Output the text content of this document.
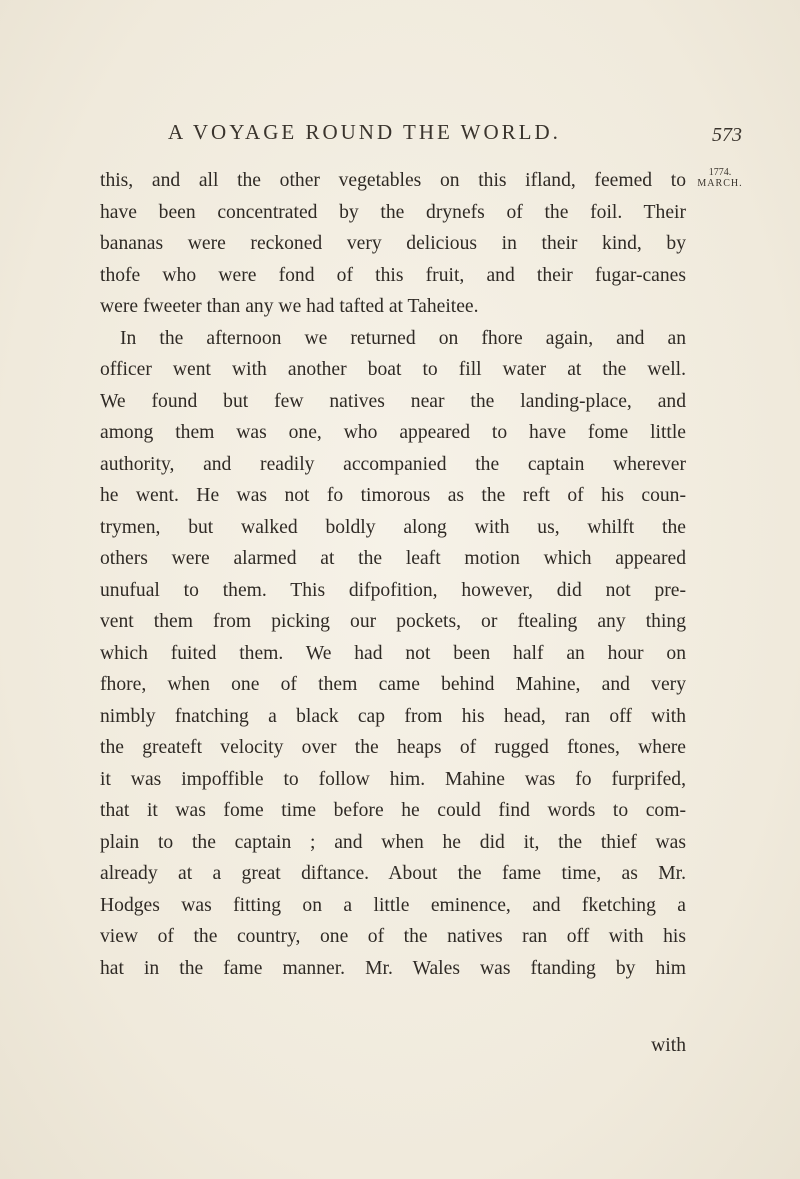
A VOYAGE ROUND THE WORLD.	573
1774.
MARCH.
this, and all the other vegetables on this ifland, feemed to
have been concentrated by the drynefs of the foil. Their
bananas were reckoned very delicious in their kind, by
thofe who were fond of this fruit, and their fugar-canes
were fweeter than any we had tafted at Taheitee.
In the afternoon we returned on fhore again, and an
officer went with another boat to fill water at the well.
We found but few natives near the landing-place, and
among them was one, who appeared to have fome little
authority, and readily accompanied the captain wherever
he went. He was not fo timorous as the reft of his coun-
trymen, but walked boldly along with us, whilft the
others were alarmed at the leaft motion which appeared
unufual to them. This difpofition, however, did not pre-
vent them from picking our pockets, or ftealing any thing
which fuited them. We had not been half an hour on
fhore, when one of them came behind Mahine, and very
nimbly fnatching a black cap from his head, ran off with
the greateft velocity over the heaps of rugged ftones, where
it was impoffible to follow him. Mahine was fo furprifed,
that it was fome time before he could find words to com-
plain to the captain ; and when he did it, the thief was
already at a great diftance. About the fame time, as Mr.
Hodges was fitting on a little eminence, and fketching a
view of the country, one of the natives ran off with his
hat in the fame manner. Mr. Wales was ftanding by him
with
